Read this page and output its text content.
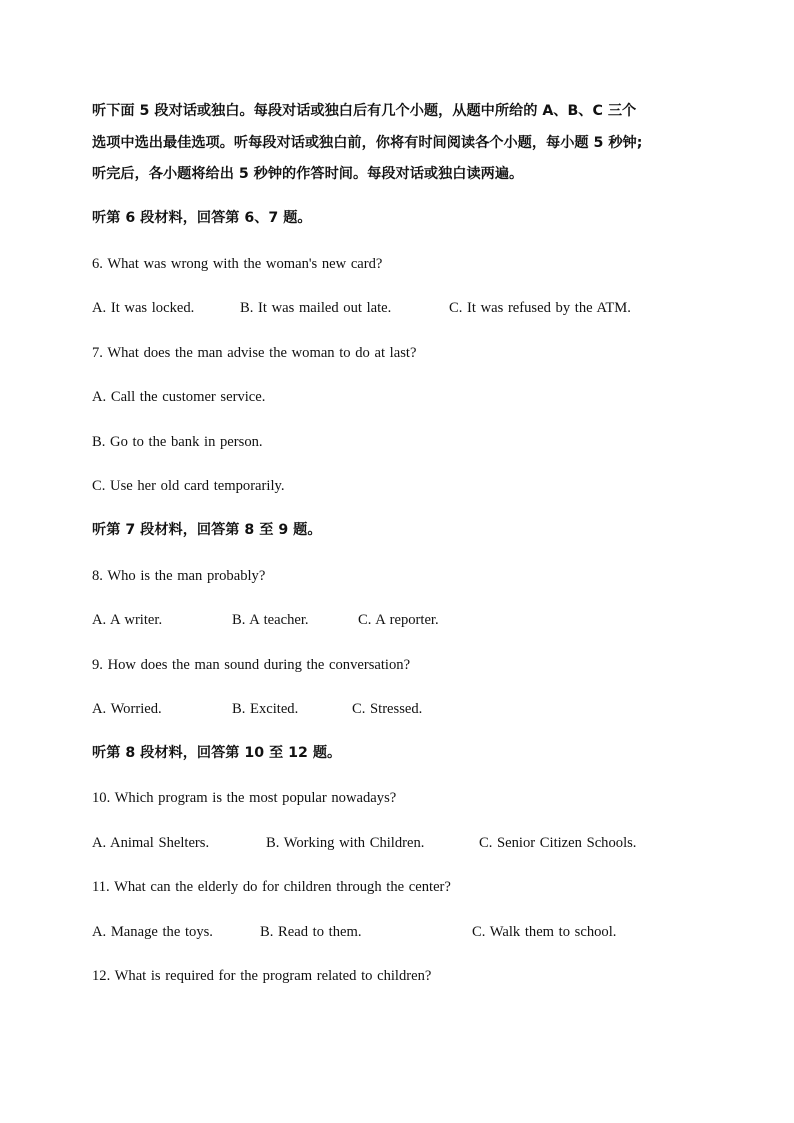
听下面 5 段对话或独白。每段对话或独白后有几个小题，从题中所给的 A、B、C 三个
选项中选出最佳选项。听每段对话或独白前，你将有时间阅读各个小题，每小题 5 秒钟;
听完后，各小题将给出 5 秒钟的作答时间。每段对话或独白读两遍。
听第 6 段材料，回答第 6、7 题。
6. What was wrong with the woman's new card?
A. It was locked.	B. It was mailed out late.	C. It was refused by the ATM.
7. What does the man advise the woman to do at last?
A. Call the customer service.
B. Go to the bank in person.
C. Use her old card temporarily.
听第 7 段材料，回答第 8 至 9 题。
8. Who is the man probably?
A. A writer.	B. A teacher.	C. A reporter.
9. How does the man sound during the conversation?
A. Worried.	B. Excited.	C. Stressed.
听第 8 段材料，回答第 10 至 12 题。
10. Which program is the most popular nowadays?
A. Animal Shelters.	B. Working with Children.	C. Senior Citizen Schools.
11. What can the elderly do for children through the center?
A. Manage the toys.	B. Read to them.	C. Walk them to school.
12. What is required for the program related to children?
